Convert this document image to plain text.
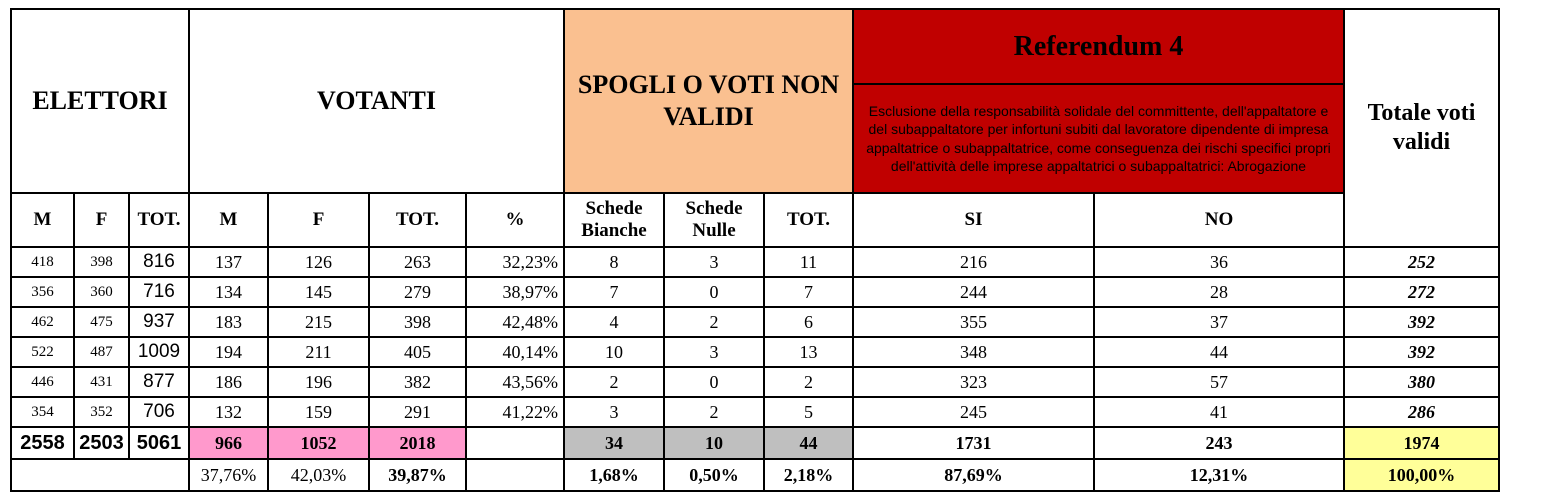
ELETTORI			VOTANTI				SPOGLI O VOTI NON VALIDI			Referendum 4
Esclusione della responsabilità solidale del committente, dell'appaltatore e del subappaltatore per infortuni subiti dal lavoratore dipendente di impresa appaltatrice o subappaltatrice, come conseguenza dei rischi specifici propri dell'attività delle imprese appaltatrici o subappaltatrici: Abrogazione		Totale voti validi
M	F	TOT.	M	F	TOT.	%	Schede Bianche	Schede Nulle	TOT.	SI	NO	
418	398	816	137	126	263	32,23%	8	3	11	216	36	252
356	360	716	134	145	279	38,97%	7	0	7	244	28	272
462	475	937	183	215	398	42,48%	4	2	6	355	37	392
522	487	1009	194	211	405	40,14%	10	3	13	348	44	392
446	431	877	186	196	382	43,56%	2	0	2	323	57	380
354	352	706	132	159	291	41,22%	3	2	5	245	41	286
2558	2503	5061	966	1052	2018		34	10	44	1731	243	1974
			37,76%	42,03%	39,87%		1,68%	0,50%	2,18%	87,69%	12,31%	100,00%
